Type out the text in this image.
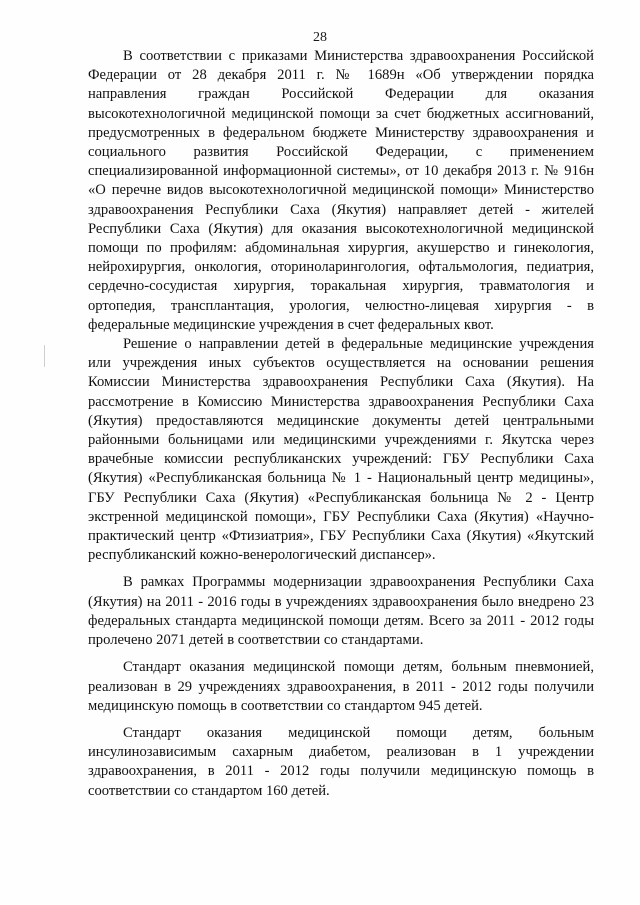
28

В соответствии с приказами Министерства здравоохранения Российской Федерации от 28 декабря 2011 г. № 1689н «Об утверждении порядка направления граждан Российской Федерации для оказания высокотехнологичной медицинской помощи за счет бюджетных ассигнований, предусмотренных в федеральном бюджете Министерству здравоохранения и социального развития Российской Федерации, с применением специализированной информационной системы», от 10 декабря 2013 г. № 916н «О перечне видов высокотехнологичной медицинской помощи» Министерство здравоохранения Республики Саха (Якутия) направляет детей - жителей Республики Саха (Якутия) для оказания высокотехнологичной медицинской помощи по профилям: абдоминальная хирургия, акушерство и гинекология, нейрохирургия, онкология, оториноларингология, офтальмология, педиатрия, сердечно-сосудистая хирургия, торакальная хирургия, травматология и ортопедия, трансплантация, урология, челюстно-лицевая хирургия - в федеральные медицинские учреждения в счет федеральных квот.

Решение о направлении детей в федеральные медицинские учреждения или учреждения иных субъектов осуществляется на основании решения Комиссии Министерства здравоохранения Республики Саха (Якутия). На рассмотрение в Комиссию Министерства здравоохранения Республики Саха (Якутия) предоставляются медицинские документы детей центральными районными больницами или медицинскими учреждениями г. Якутска через врачебные комиссии республиканских учреждений: ГБУ Республики Саха (Якутия) «Республиканская больница № 1 - Национальный центр медицины», ГБУ Республики Саха (Якутия) «Республиканская больница № 2 - Центр экстренной медицинской помощи», ГБУ Республики Саха (Якутия) «Научно-практический центр «Фтизиатрия», ГБУ Республики Саха (Якутия) «Якутский республиканский кожно-венерологический диспансер».

В рамках Программы модернизации здравоохранения Республики Саха (Якутия) на 2011 - 2016 годы в учреждениях здравоохранения было внедрено 23 федеральных стандарта медицинской помощи детям. Всего за 2011 - 2012 годы пролечено 2071 детей в соответствии со стандартами.

Стандарт оказания медицинской помощи детям, больным пневмонией, реализован в 29 учреждениях здравоохранения, в 2011 - 2012 годы получили медицинскую помощь в соответствии со стандартом 945 детей.

Стандарт оказания медицинской помощи детям, больным инсулинозависимым сахарным диабетом, реализован в 1 учреждении здравоохранения, в 2011 - 2012 годы получили медицинскую помощь в соответствии со стандартом 160 детей.
